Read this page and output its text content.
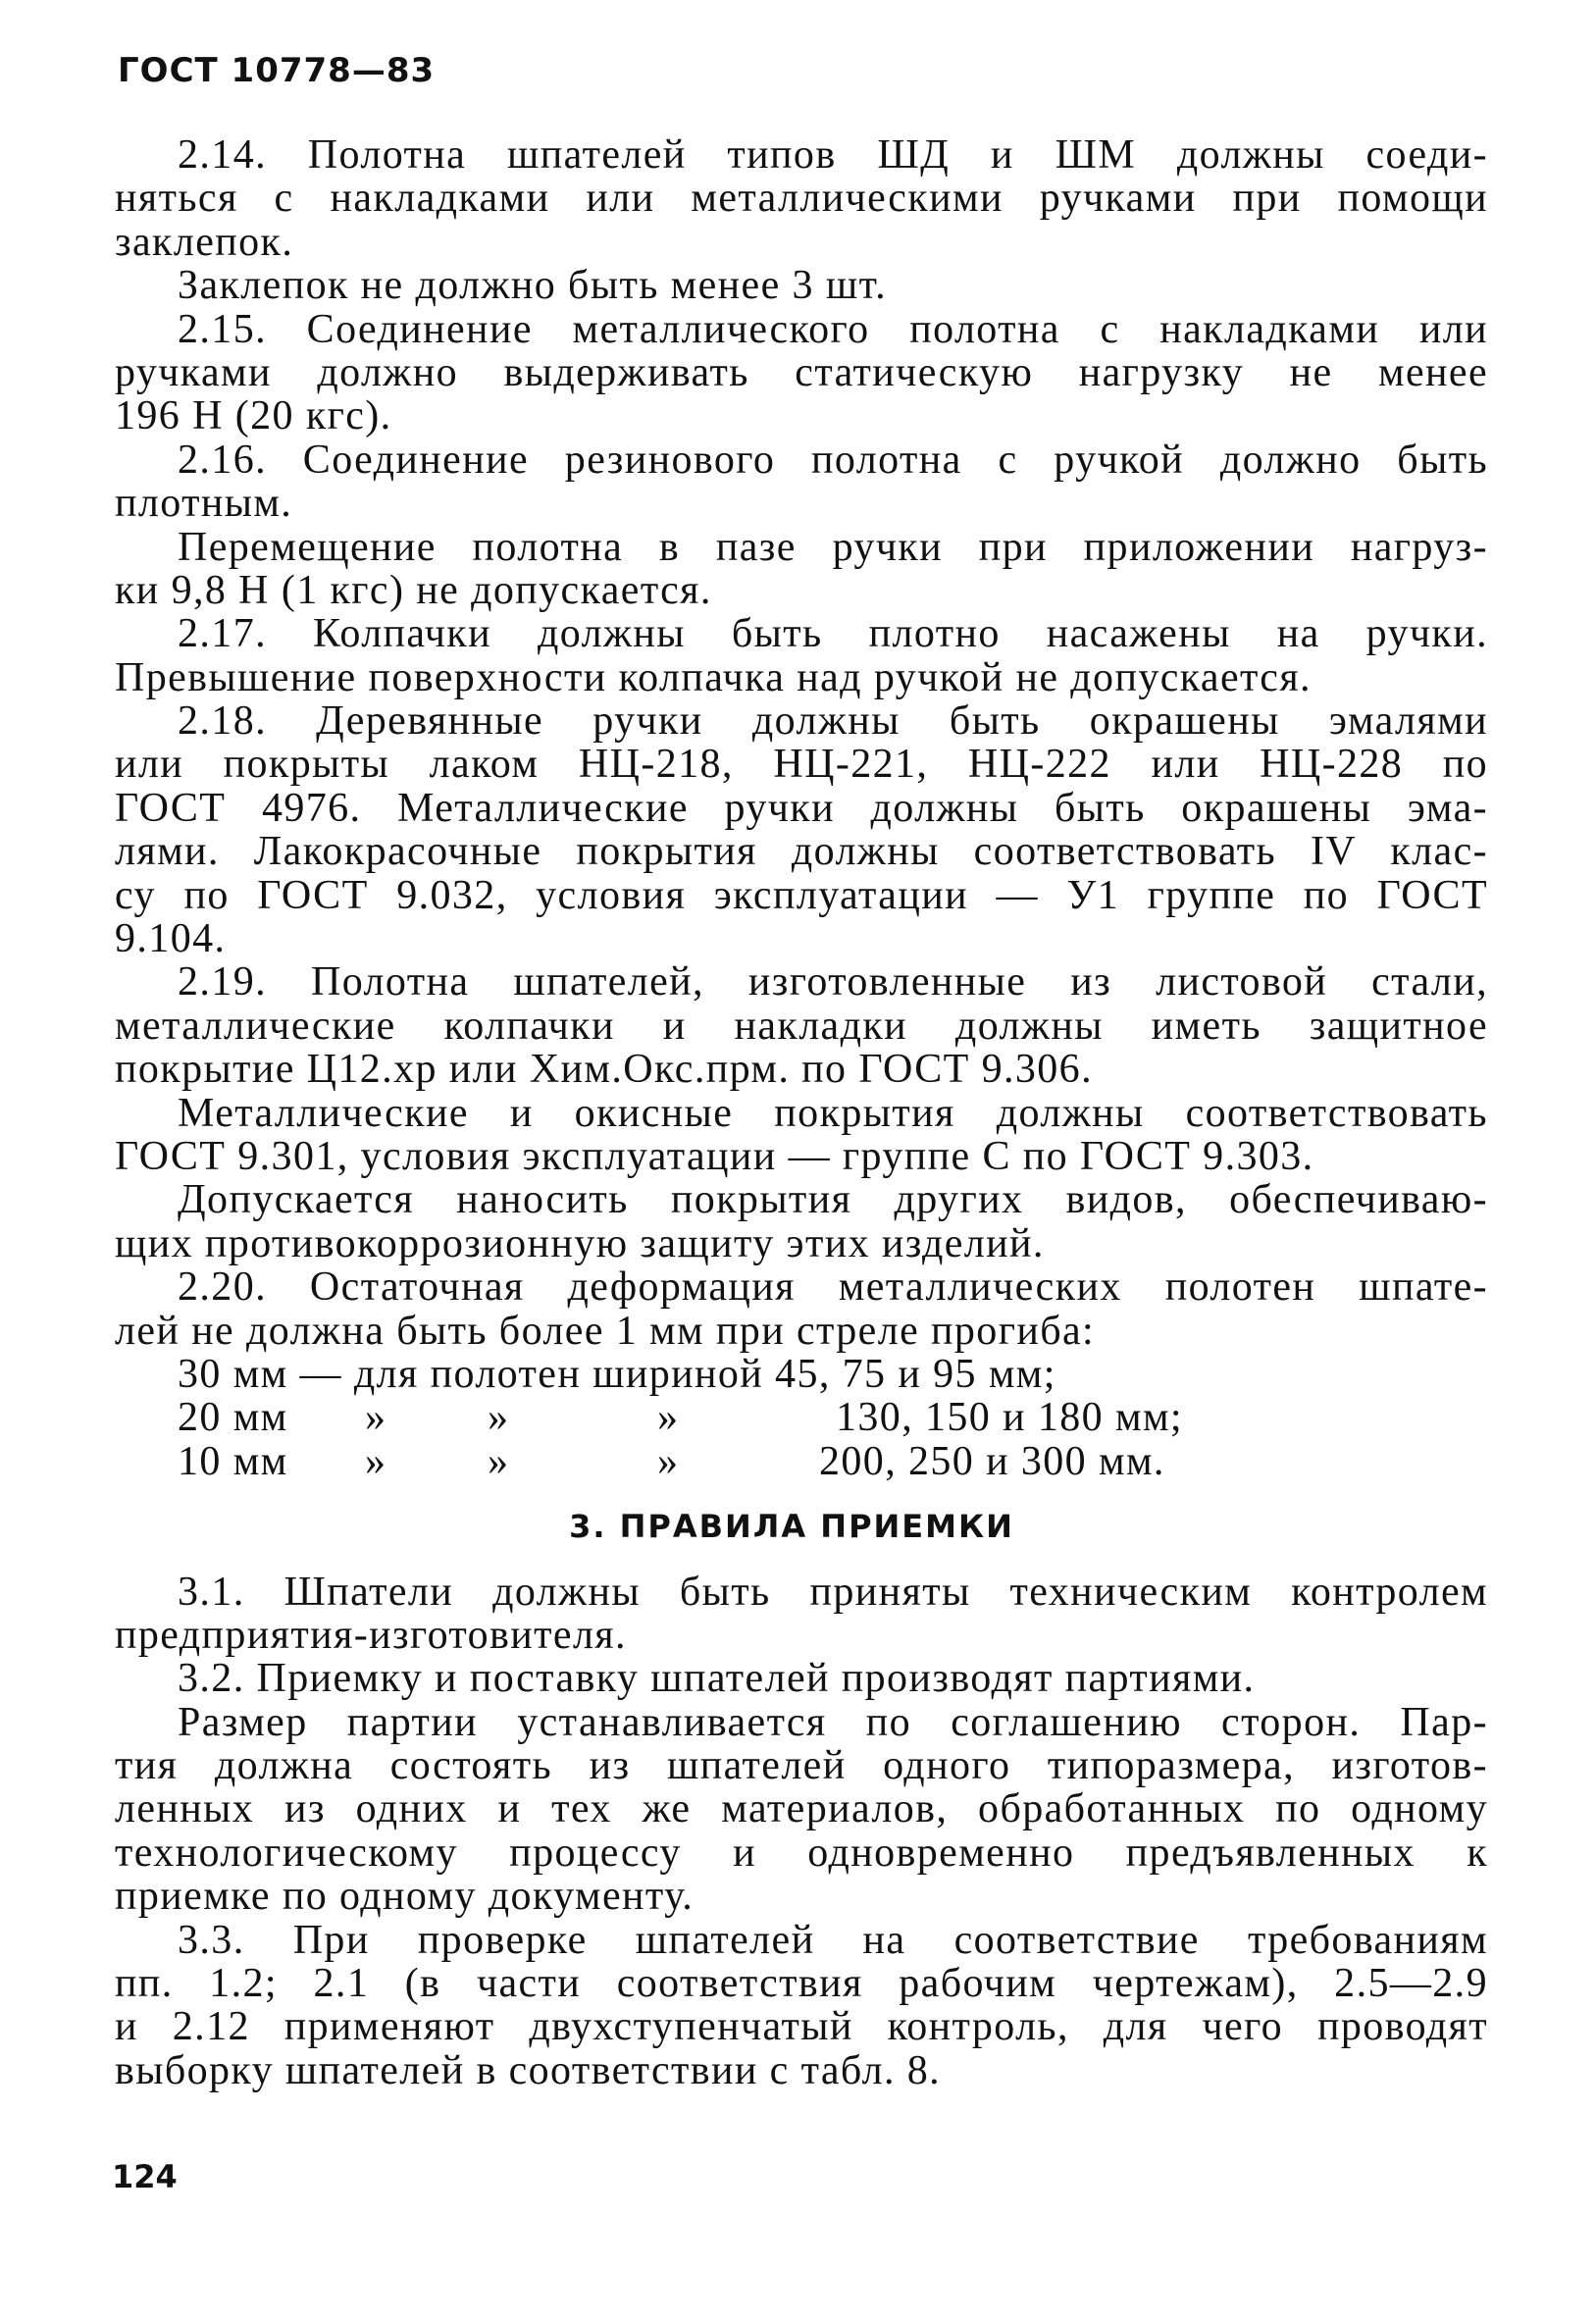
ГОСТ 10778—83
2.14. Полотна шпателей типов ШД и ШМ должны соеди-
няться с накладками или металлическими ручками при помощи
заклепок.
Заклепок не должно быть менее 3 шт.
2.15. Соединение металлического полотна с накладками или
ручками должно выдерживать статическую нагрузку не менее
196 Н (20 кгс).
2.16. Соединение резинового полотна с ручкой должно быть
плотным.
Перемещение полотна в пазе ручки при приложении нагруз-
ки 9,8 Н (1 кгс) не допускается.
2.17. Колпачки должны быть плотно насажены на ручки.
Превышение поверхности колпачка над ручкой не допускается.
2.18. Деревянные ручки должны быть окрашены эмалями
или покрыты лаком НЦ-218, НЦ-221, НЦ-222 или НЦ-228 по
ГОСТ 4976. Металлические ручки должны быть окрашены эма-
лями. Лакокрасочные покрытия должны соответствовать IV клас-
су по ГОСТ 9.032, условия эксплуатации — У1 группе по ГОСТ
9.104.
2.19. Полотна шпателей, изготовленные из листовой стали,
металлические колпачки и накладки должны иметь защитное
покрытие Ц12.хр или Хим.Окс.прм. по ГОСТ 9.306.
Металлические и окисные покрытия должны соответствовать
ГОСТ 9.301, условия эксплуатации — группе С по ГОСТ 9.303.
Допускается наносить покрытия других видов, обеспечиваю-
щих противокоррозионную защиту этих изделий.
2.20. Остаточная деформация металлических полотен шпате-
лей не должна быть более 1 мм при стреле прогиба:
30 мм — для полотен шириной 45, 75 и 95 мм;
20 мм » »	»	130, 150 и 180 мм;
10 мм » »	»	200, 250 и 300 мм.
3. ПРАВИЛА ПРИЕМКИ
3.1. Шпатели должны быть приняты техническим контролем
предприятия-изготовителя.
3.2. Приемку и поставку шпателей производят партиями.
Размер партии устанавливается по соглашению сторон. Пар-
тия должна состоять из шпателей одного типоразмера, изготов-
ленных из одних и тех же материалов, обработанных по одному
технологическому процессу и одновременно предъявленных к
приемке по одному документу.
3.3. При проверке шпателей на соответствие требованиям
пп. 1.2; 2.1 (в части соответствия рабочим чертежам), 2.5—2.9
и 2.12 применяют двухступенчатый контроль, для чего проводят
выборку шпателей в соответствии с табл. 8.
124
